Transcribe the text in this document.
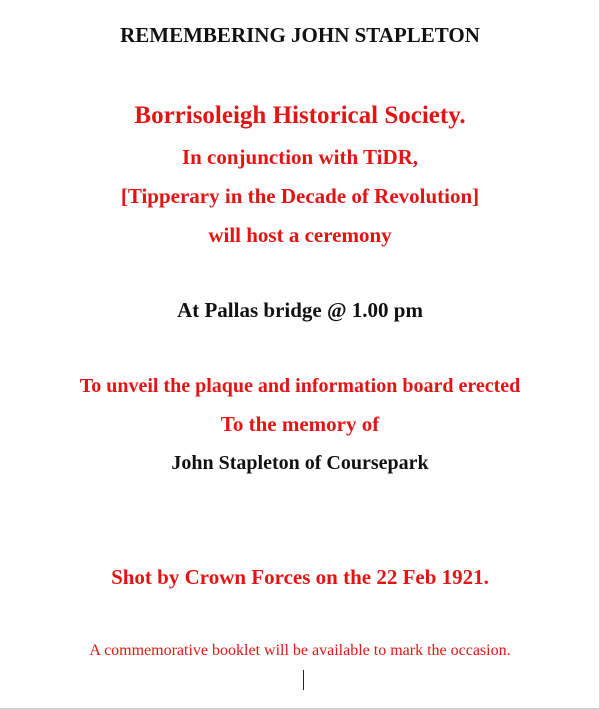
REMEMBERING JOHN STAPLETON
Borrisoleigh Historical Society.
In conjunction with TiDR,
[Tipperary in the Decade of Revolution]
will host a ceremony
At Pallas bridge @ 1.00 pm
To unveil the plaque and information board erected
To the memory of
John Stapleton of Coursepark
Shot by Crown Forces on the 22 Feb 1921.
A commemorative booklet will be available to mark the occasion.
